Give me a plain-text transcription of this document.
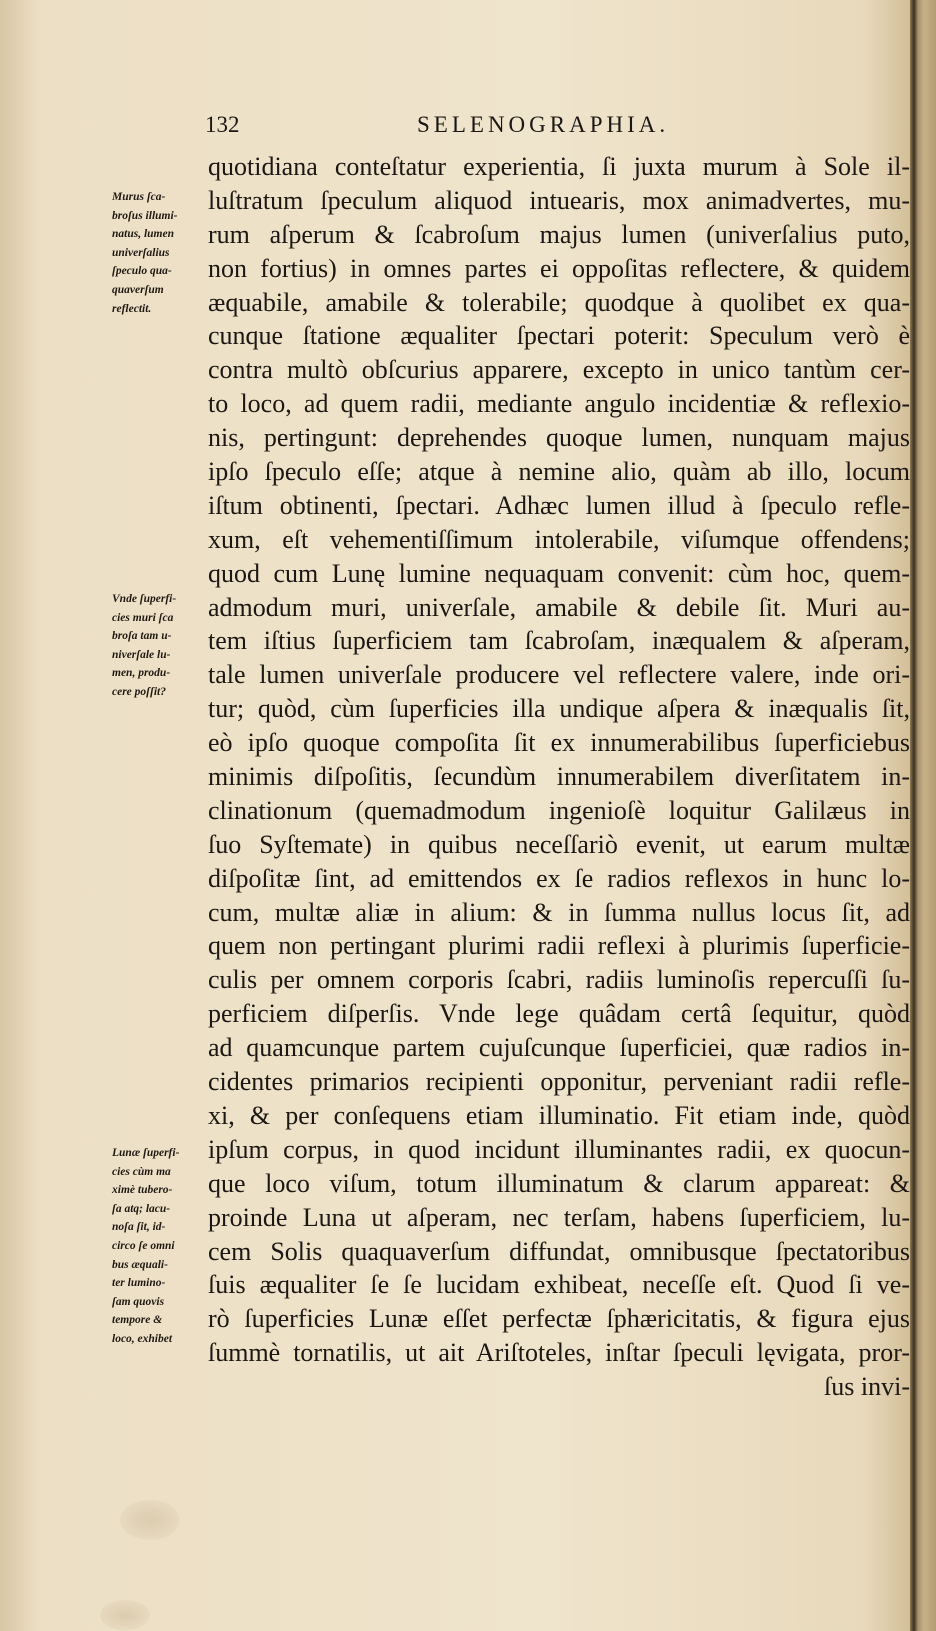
132	SELENOGRAPHIA.
quotidiana conteſtatur experientia, ſi juxta murum à Sole il-
luſtratum ſpeculum aliquod intuearis, mox animadvertes, mu-
rum aſperum & ſcabroſum majus lumen (univerſalius puto,
non fortius) in omnes partes ei oppoſitas reflectere, & quidem
æquabile, amabile & tolerabile; quodque à quolibet ex qua-
cunque ſtatione æqualiter ſpectari poterit: Speculum verò è
contra multò obſcurius apparere, excepto in unico tantùm cer-
to loco, ad quem radii, mediante angulo incidentiæ & reflexio-
nis, pertingunt: deprehendes quoque lumen, nunquam majus
ipſo ſpeculo eſſe; atque à nemine alio, quàm ab illo, locum
iſtum obtinenti, ſpectari. Adhæc lumen illud à ſpeculo refle-
xum, eſt vehementiſſimum intolerabile, viſumque offendens;
quod cum Lunę lumine nequaquam convenit: cùm hoc, quem-
admodum muri, univerſale, amabile & debile ſit. Muri au-
tem iſtius ſuperficiem tam ſcabroſam, inæqualem & aſperam,
tale lumen univerſale producere vel reflectere valere, inde ori-
tur; quòd, cùm ſuperficies illa undique aſpera & inæqualis ſit,
eò ipſo quoque compoſita ſit ex innumerabilibus ſuperficiebus
minimis diſpoſitis, ſecundùm innumerabilem diverſitatem in-
clinationum (quemadmodum ingenioſè loquitur Galilæus in
ſuo Syſtemate) in quibus neceſſariò evenit, ut earum multæ
diſpoſitæ ſint, ad emittendos ex ſe radios reflexos in hunc lo-
cum, multæ aliæ in alium: & in ſumma nullus locus ſit, ad
quem non pertingant plurimi radii reflexi à plurimis ſuperficie-
culis per omnem corporis ſcabri, radiis luminoſis repercuſſi ſu-
perficiem diſperſis. Vnde lege quâdam certâ ſequitur, quòd
ad quamcunque partem cujuſcunque ſuperficiei, quæ radios in-
cidentes primarios recipienti opponitur, perveniant radii refle-
xi, & per conſequens etiam illuminatio. Fit etiam inde, quòd
ipſum corpus, in quod incidunt illuminantes radii, ex quocun-
que loco viſum, totum illuminatum & clarum appareat: &
proinde Luna ut aſperam, nec terſam, habens ſuperficiem, lu-
cem Solis quaquaverſum diffundat, omnibusque ſpectatoribus
ſuis æqualiter ſe ſe lucidam exhibeat, neceſſe eſt. Quod ſi ve-
rò ſuperficies Lunæ eſſet perfectæ ſphæricitatis, & figura ejus
ſummè tornatilis, ut ait Ariſtoteles, inſtar ſpeculi lęvigata, pror-
ſus invi-
Murus ſca-
broſus illumi-
natus, lumen
univerſalius
ſpeculo qua-
quaverſum
reflectit.
Vnde ſuperfi-
cies muri ſca
broſa tam u-
niverſale lu-
men, produ-
cere poſſit?
Lunæ ſuperfi-
cies cùm ma
ximè tubero-
ſa atq; lacu-
noſa ſit, id-
circo ſe omni
bus æquali-
ter lumino-
ſam quovis
tempore &
loco, exhibet
